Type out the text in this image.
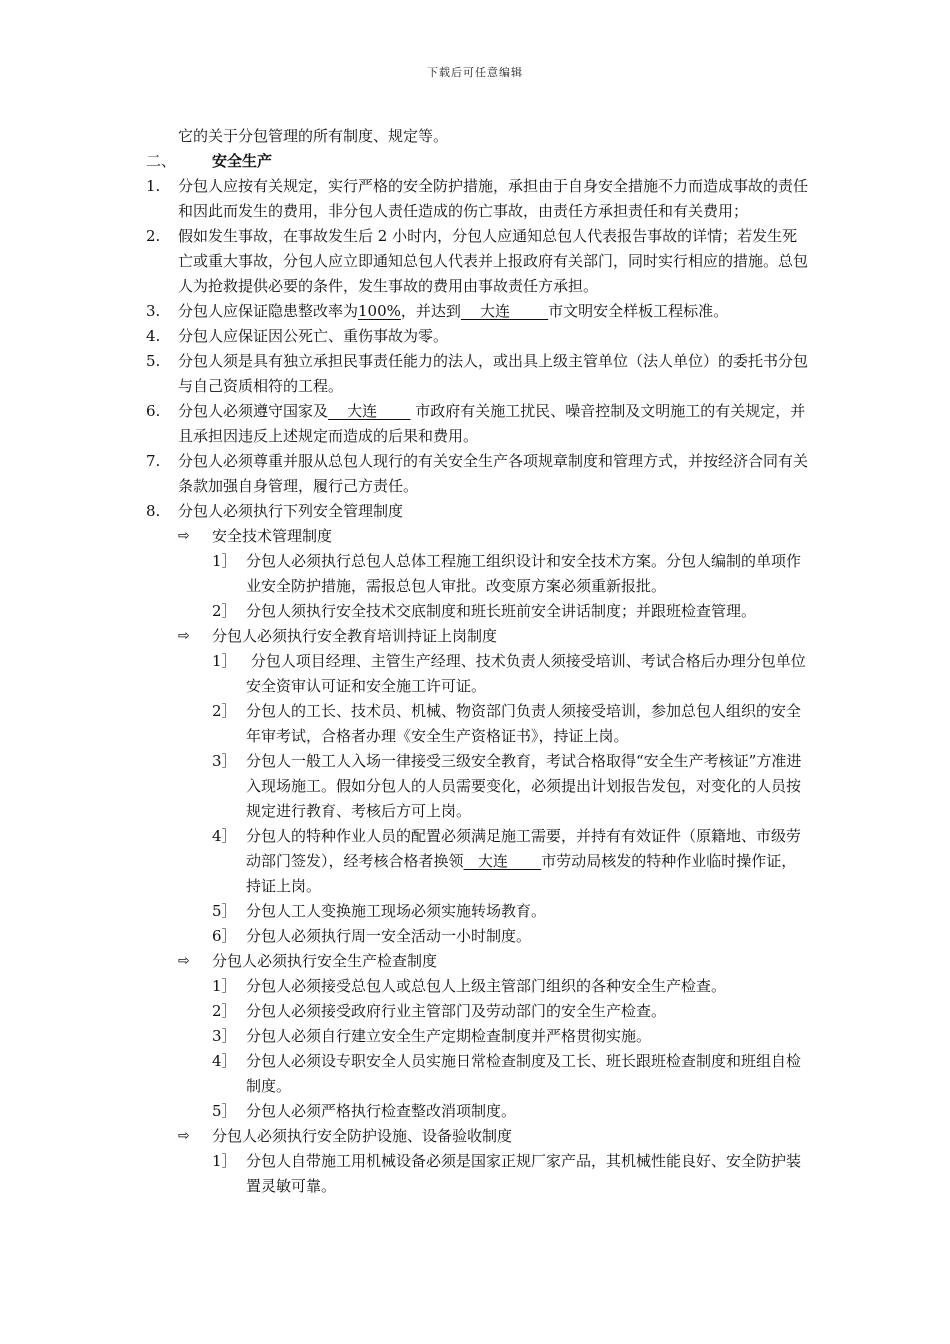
下载后可任意编辑
它的关于分包管理的所有制度、规定等。
二、 安全生产
1. 分包人应按有关规定，实行严格的安全防护措施，承担由于自身安全措施不力而造成事故的责任和因此而发生的费用，非分包人责任造成的伤亡事故，由责任方承担责任和有关费用；
2. 假如发生事故，在事故发生后 2 小时内，分包人应通知总包人代表报告事故的详情；若发生死亡或重大事故，分包人应立即通知总包人代表并上报政府有关部门，同时实行相应的措施。总包人为抢救提供必要的条件，发生事故的费用由事故责任方承担。
3. 分包人应保证隐患整改率为100%，并达到    大连        市文明安全样板工程标准。
4. 分包人应保证因公死亡、重伤事故为零。
5. 分包人须是具有独立承担民事责任能力的法人，或出具上级主管单位（法人单位）的委托书分包与自己资质相符的工程。
6. 分包人必须遵守国家及    大连        市政府有关施工扰民、噪音控制及文明施工的有关规定，并且承担因违反上述规定而造成的后果和费用。
7. 分包人必须尊重并服从总包人现行的有关安全生产各项规章制度和管理方式，并按经济合同有关条款加强自身管理，履行己方责任。
8. 分包人必须执行下列安全管理制度
⇨ 安全技术管理制度
1］ 分包人必须执行总包人总体工程施工组织设计和安全技术方案。分包人编制的单项作业安全防护措施，需报总包人审批。改变原方案必须重新报批。
2］ 分包人须执行安全技术交底制度和班长班前安全讲话制度；并跟班检查管理。
⇨ 分包人必须执行安全教育培训持证上岗制度
1］ 分包人项目经理、主管生产经理、技术负责人须接受培训、考试合格后办理分包单位安全资审认可证和安全施工许可证。
2］ 分包人的工长、技术员、机械、物资部门负责人须接受培训，参加总包人组织的安全年审考试，合格者办理《安全生产资格证书》，持证上岗。
3］ 分包人一般工人入场一律接受三级安全教育，考试合格取得“安全生产考核证”方准进入现场施工。假如分包人的人员需要变化，必须提出计划报告发包，对变化的人员按规定进行教育、考核后方可上岗。
4］ 分包人的特种作业人员的配置必须满足施工需要，并持有有效证件（原籍地、市级劳动部门签发），经考核合格者换领   大连       市劳动局核发的特种作业临时操作证，持证上岗。
5］ 分包人工人变换施工现场必须实施转场教育。
6］ 分包人必须执行周一安全活动一小时制度。
⇨ 分包人必须执行安全生产检查制度
1］ 分包人必须接受总包人或总包人上级主管部门组织的各种安全生产检查。
2］ 分包人必须接受政府行业主管部门及劳动部门的安全生产检查。
3］ 分包人必须自行建立安全生产定期检查制度并严格贯彻实施。
4］ 分包人必须设专职安全人员实施日常检查制度及工长、班长跟班检查制度和班组自检制度。
5］ 分包人必须严格执行检查整改消项制度。
⇨ 分包人必须执行安全防护设施、设备验收制度
1］ 分包人自带施工用机械设备必须是国家正规厂家产品，其机械性能良好、安全防护装置灵敏可靠。
